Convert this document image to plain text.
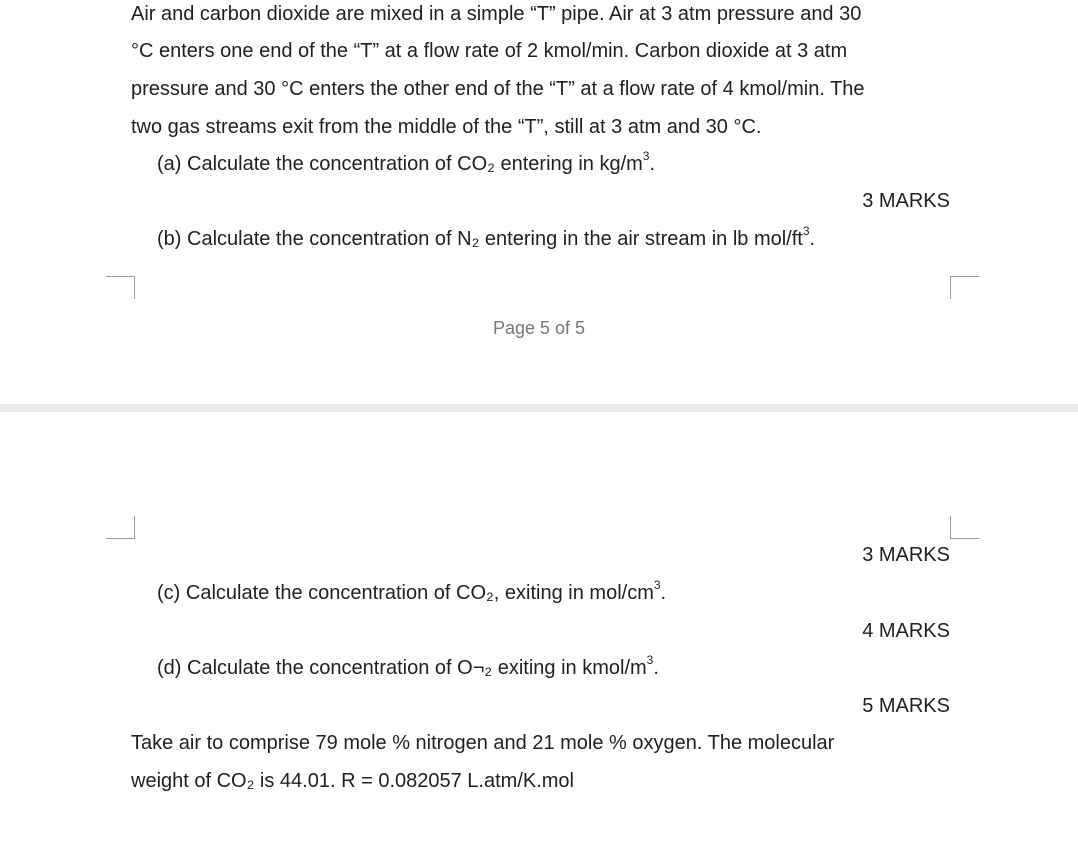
Air and carbon dioxide are mixed in a simple “T” pipe. Air at 3 atm pressure and 30
°C enters one end of the “T” at a flow rate of 2 kmol/min. Carbon dioxide at 3 atm
pressure and 30 °C enters the other end of the “T” at a flow rate of 4 kmol/min. The
two gas streams exit from the middle of the “T”, still at 3 atm and 30 °C.
(a) Calculate the concentration of CO₂ entering in $kg/m^3$.
3 MARKS
(b) Calculate the concentration of N₂ entering in the air stream in lb mol/$ft^3$.
Page 5 of 5
3 MARKS
(c) Calculate the concentration of CO₂, exiting in mol/$cm^3$.
4 MARKS
(d) Calculate the concentration of O¬₂ exiting in kmol/$m^3$.
5 MARKS
Take air to comprise 79 mole % nitrogen and 21 mole % oxygen. The molecular
weight of CO₂ is 44.01. R = 0.082057 L.atm/K.mol
